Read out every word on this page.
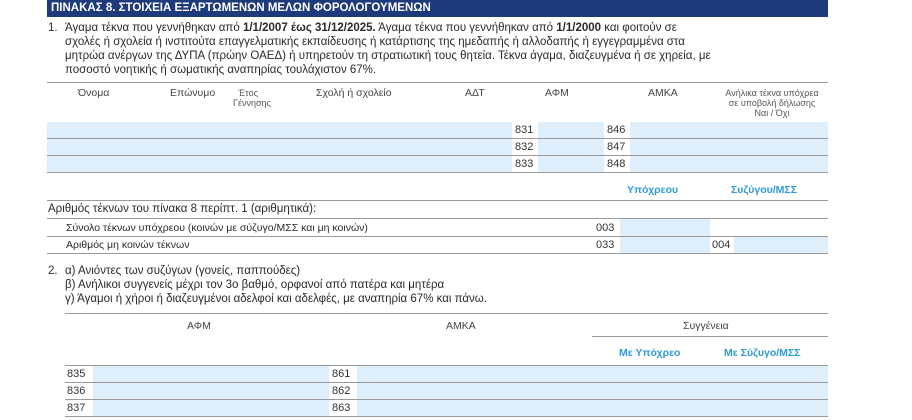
ΠΙΝΑΚΑΣ 8. ΣΤΟΙΧΕΙΑ ΕΞΑΡΤΩΜΕΝΩΝ ΜΕΛΩΝ ΦΟΡΟΛΟΓΟΥΜΕΝΩΝ
1. Άγαμα τέκνα που γεννήθηκαν από 1/1/2007 έως 31/12/2025. Άγαμα τέκνα που γεννήθηκαν από 1/1/2000 και φοιτούν σε
σχολές ή σχολεία ή ινστιτούτα επαγγελματικής εκπαίδευσης ή κατάρτισης της ημεδαπής ή αλλοδαπής ή εγγεγραμμένα στα
μητρώα ανέργων της ΔΥΠΑ (πρώην ΟΑΕΔ) ή υπηρετούν τη στρατιωτική τους θητεία. Τέκνα άγαμα, διαζευγμένα ή σε χηρεία, με
ποσοστό νοητικής ή σωματικής αναπηρίας τουλάχιστον 67%.
Όνομα	Επώνυμο	Έτος
Γέννησης
Σχολή ή σχολείο	ΑΔΤ	ΑΦΜ	ΑΜΚΑ	Ανήλικα τέκνα υπόχρεα
σε υποβολή δήλωσης
Ναι / Όχι
831	846
832	847
833	848
Υπόχρεου	Συζύγου/ΜΣΣ
Αριθμός τέκνων του πίνακα 8 περίπτ. 1 (αριθμητικά):
Σύνολο τέκνων υπόχρεου (κοινών με σύζυγο/ΜΣΣ και μη κοινών)	003
Αριθμός μη κοινών τέκνων	033	004
2. α) Ανιόντες των συζύγων (γονείς, παππούδες)
β) Ανήλικοι συγγενείς μέχρι τον 3ο βαθμό, ορφανοί από πατέρα και μητέρα
γ) Άγαμοι ή χήροι ή διαζευγμένοι αδελφοί και αδελφές, με αναπηρία 67% και πάνω.
ΑΦΜ	ΑΜΚΑ	Συγγένεια
Με Υπόχρεο	Με Σύζυγο/ΜΣΣ
835	861
836	862
837	863
